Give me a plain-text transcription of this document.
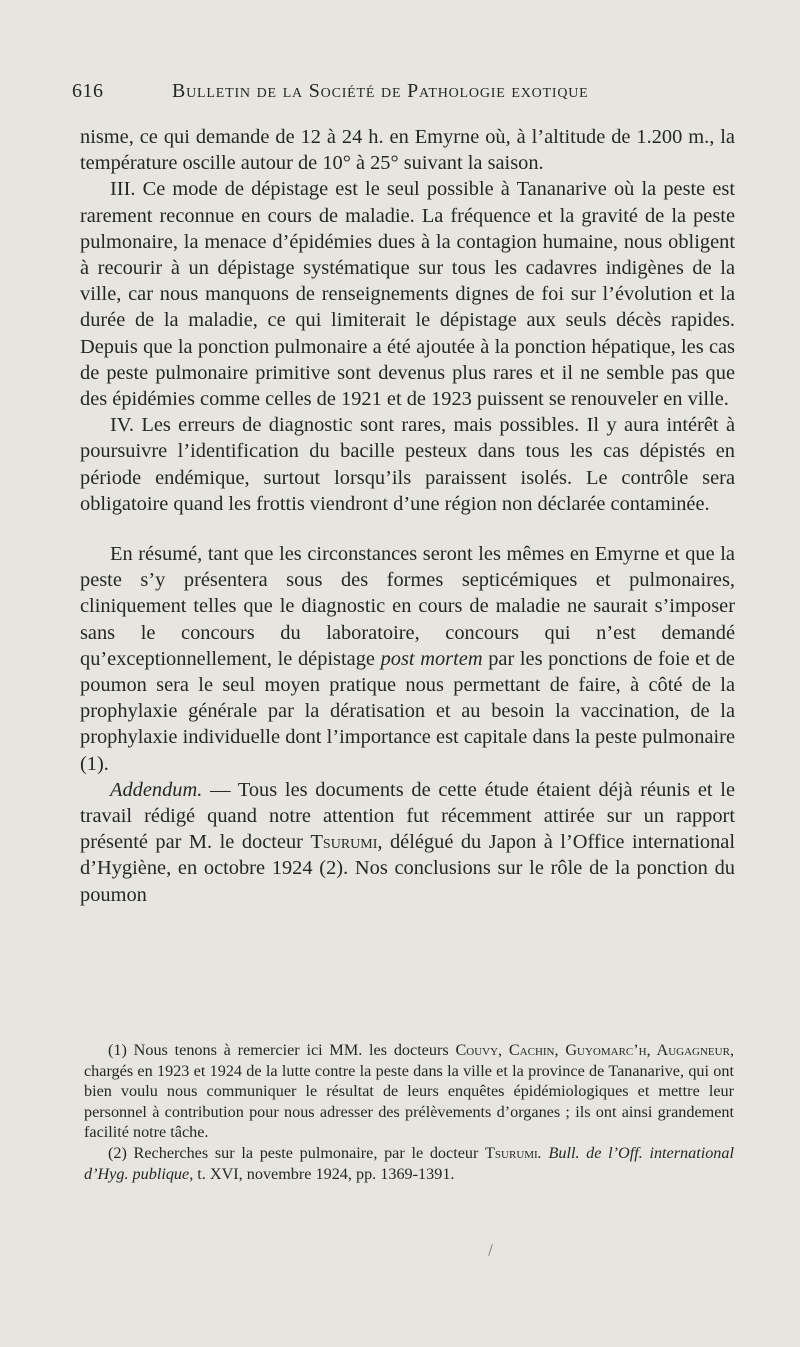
616	Bulletin de la Société de Pathologie exotique

nisme, ce qui demande de 12 à 24 h. en Emyrne où, à l’altitude de 1.200 m., la température oscille autour de 10° à 25° suivant la saison.

III. Ce mode de dépistage est le seul possible à Tananarive où la peste est rarement reconnue en cours de maladie. La fréquence et la gravité de la peste pulmonaire, la menace d’épidémies dues à la contagion humaine, nous obligent à recourir à un dépistage systématique sur tous les cadavres indigènes de la ville, car nous manquons de renseignements dignes de foi sur l’évolution et la durée de la maladie, ce qui limiterait le dépistage aux seuls décès rapides. Depuis que la ponction pulmonaire a été ajoutée à la ponction hépatique, les cas de peste pulmonaire primitive sont devenus plus rares et il ne semble pas que des épidémies comme celles de 1921 et de 1923 puissent se renouveler en ville.

IV. Les erreurs de diagnostic sont rares, mais possibles. Il y aura intérêt à poursuivre l’identification du bacille pesteux dans tous les cas dépistés en période endémique, surtout lorsqu’ils paraissent isolés. Le contrôle sera obligatoire quand les frottis viendront d’une région non déclarée contaminée.

En résumé, tant que les circonstances seront les mêmes en Emyrne et que la peste s’y présentera sous des formes septicémiques et pulmonaires, cliniquement telles que le diagnostic en cours de maladie ne saurait s’imposer sans le concours du laboratoire, concours qui n’est demandé qu’exceptionnellement, le dépistage post mortem par les ponctions de foie et de poumon sera le seul moyen pratique nous permettant de faire, à côté de la prophylaxie générale par la dératisation et au besoin la vaccination, de la prophylaxie individuelle dont l’importance est capitale dans la peste pulmonaire (1).

Addendum. — Tous les documents de cette étude étaient déjà réunis et le travail rédigé quand notre attention fut récemment attirée sur un rapport présenté par M. le docteur Tsurumi, délégué du Japon à l’Office international d’Hygiène, en octobre 1924 (2). Nos conclusions sur le rôle de la ponction du poumon

(1) Nous tenons à remercier ici MM. les docteurs Couvy, Cachin, Guyomarc’h, Augagneur, chargés en 1923 et 1924 de la lutte contre la peste dans la ville et la province de Tananarive, qui ont bien voulu nous communiquer le résultat de leurs enquêtes épidémiologiques et mettre leur personnel à contribution pour nous adresser des prélèvements d’organes ; ils ont ainsi grandement facilité notre tâche.

(2) Recherches sur la peste pulmonaire, par le docteur Tsurumi. Bull. de l’Off. international d’Hyg. publique, t. XVI, novembre 1924, pp. 1369-1391.
